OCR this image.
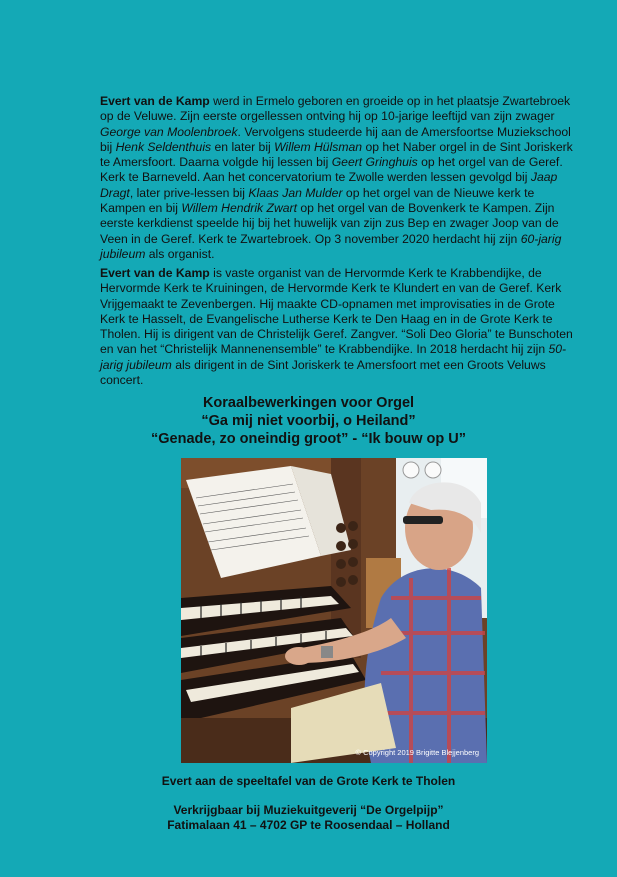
Evert van de Kamp werd in Ermelo geboren en groeide op in het plaatsje Zwartebroek op de Veluwe. Zijn eerste orgellessen ontving hij op 10-jarige leeftijd van zijn zwager George van Moolenbroek. Vervolgens studeerde hij aan de Amersfoortse Muziekschool bij Henk Seldenthuis en later bij Willem Hülsman op het Naber orgel in de Sint Joriskerk te Amersfoort. Daarna volgde hij lessen bij Geert Gringhuis op het orgel van de Geref. Kerk te Barneveld. Aan het concervatorium te Zwolle werden lessen gevolgd bij Jaap Dragt, later prive-lessen bij Klaas Jan Mulder op het orgel van de Nieuwe kerk te Kampen en bij Willem Hendrik Zwart op het orgel van de Bovenkerk te Kampen. Zijn eerste kerkdienst speelde hij bij het huwelijk van zijn zus Bep en zwager Joop van de Veen in de Geref. Kerk te Zwartebroek. Op 3 november 2020 herdacht hij zijn 60-jarig jubileum als organist.

Evert van de Kamp is vaste organist van de Hervormde Kerk te Krabbendijke, de Hervormde Kerk te Kruiningen, de Hervormde Kerk te Klundert en van de Geref. Kerk Vrijgemaakt te Zevenbergen. Hij maakte CD-opnamen met improvisaties in de Grote Kerk te Hasselt, de Evangelische Lutherse Kerk te Den Haag en in de Grote Kerk te Tholen. Hij is dirigent van de Christelijk Geref. Zangver. “Soli Deo Gloria” te Bunschoten en van het “Christelijk Mannenensemble” te Krabbendijke. In 2018 herdacht hij zijn 50-jarig jubileum als dirigent in de Sint Joriskerk te Amersfoort met een Groots Veluws concert.

Koraalbewerkingen voor Orgel
“Ga mij niet voorbij, o Heiland”
“Genade, zo oneindig groot” - “Ik bouw op U”
© Copyright 2019 Brigitte Blejjenberg
Evert aan de speeltafel van de Grote Kerk te Tholen
Verkrijgbaar bij Muziekuitgeverij “De Orgelpijp”
Fatimalaan 41 – 4702 GP te Roosendaal – Holland
